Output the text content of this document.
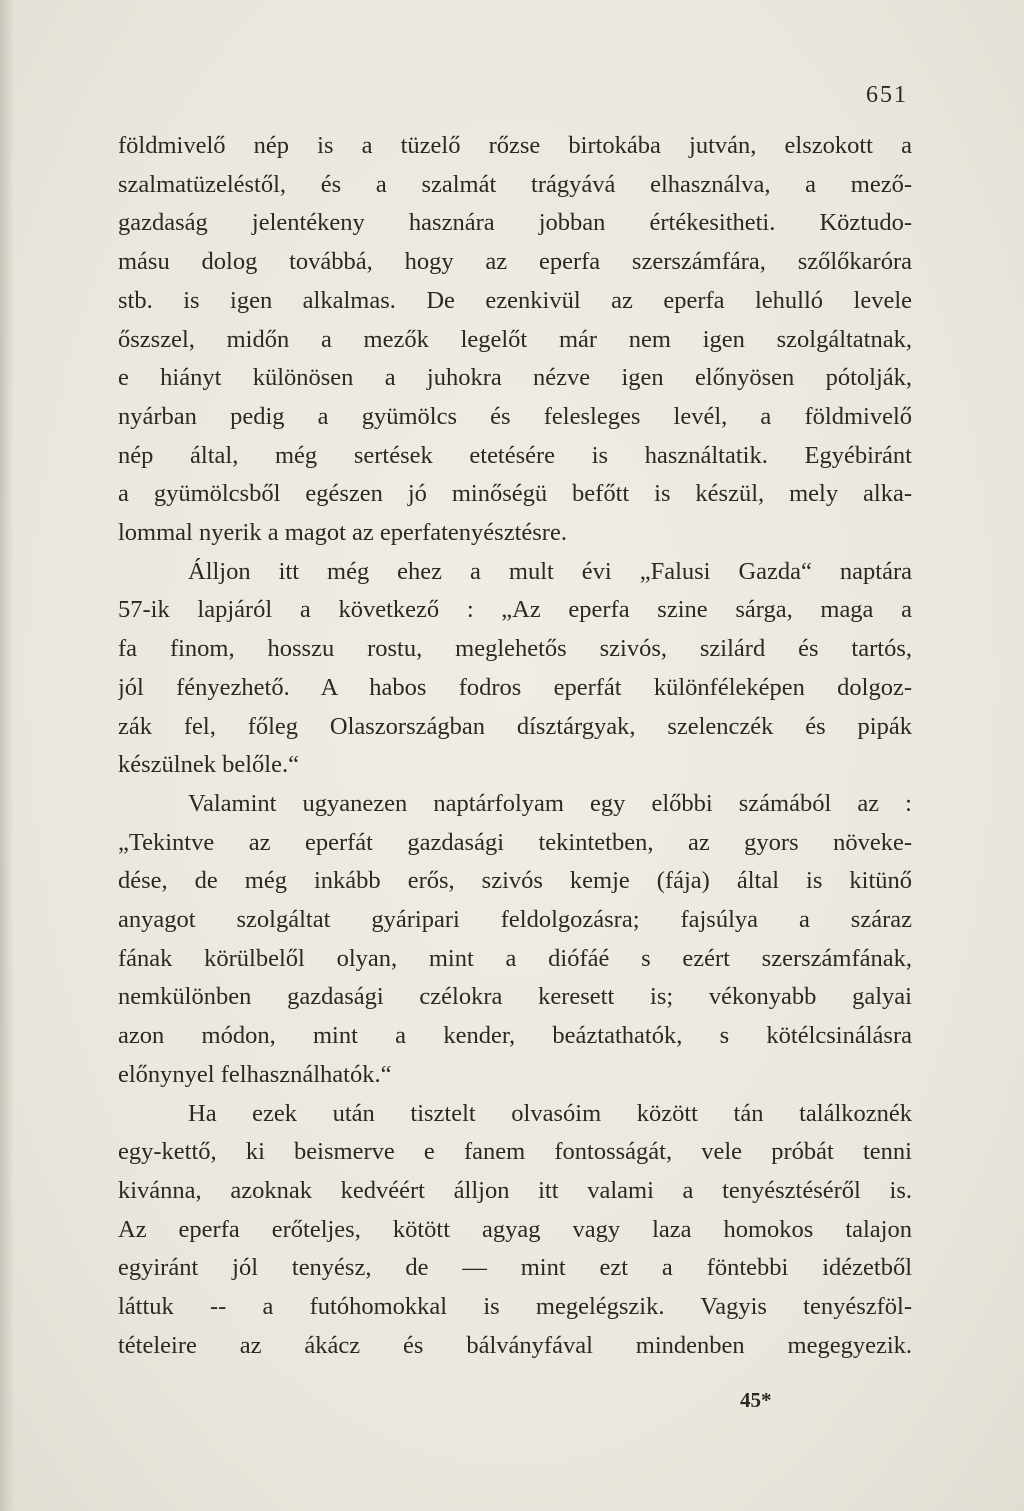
651
földmivelő nép is a tüzelő rőzse birtokába jutván, elszokott a
szalmatüzeléstől, és a szalmát trágyává elhasználva, a mező-
gazdaság jelentékeny hasznára jobban értékesitheti. Köztudo-
másu dolog továbbá, hogy az eperfa szerszámfára, szőlőkaróra
stb. is igen alkalmas. De ezenkivül az eperfa lehulló levele
őszszel, midőn a mezők legelőt már nem igen szolgáltatnak,
e hiányt különösen a juhokra nézve igen előnyösen pótolják,
nyárban pedig a gyümölcs és felesleges levél, a földmivelő
nép által, még sertések etetésére is használtatik. Egyébiránt
a gyümölcsből egészen jó minőségü befőtt is készül, mely alka-
lommal nyerik a magot az eperfatenyésztésre.
Álljon itt még ehez a mult évi „Falusi Gazda“ naptára
57-ik lapjáról a következő : „Az eperfa szine sárga, maga a
fa finom, hosszu rostu, meglehetős szivós, szilárd és tartós,
jól fényezhető. A habos fodros eperfát különféleképen dolgoz-
zák fel, főleg Olaszországban dísztárgyak, szelenczék és pipák
készülnek belőle.“
Valamint ugyanezen naptárfolyam egy előbbi számából az :
„Tekintve az eperfát gazdasági tekintetben, az gyors növeke-
dése, de még inkább erős, szivós kemje (fája) által is kitünő
anyagot szolgáltat gyáripari feldolgozásra; fajsúlya a száraz
fának körülbelől olyan, mint a diófáé s ezért szerszámfának,
nemkülönben gazdasági czélokra keresett is; vékonyabb galyai
azon módon, mint a kender, beáztathatók, s kötélcsinálásra
előnynyel felhasználhatók.“
Ha ezek után tisztelt olvasóim között tán találkoznék
egy-kettő, ki beismerve e fanem fontosságát, vele próbát tenni
kivánna, azoknak kedvéért álljon itt valami a tenyésztéséről is.
Az eperfa erőteljes, kötött agyag vagy laza homokos talajon
egyiránt jól tenyész, de — mint ezt a föntebbi idézetből
láttuk -- a futóhomokkal is megelégszik. Vagyis tenyészföl-
tételeire az ákácz és bálványfával mindenben megegyezik.
45*
